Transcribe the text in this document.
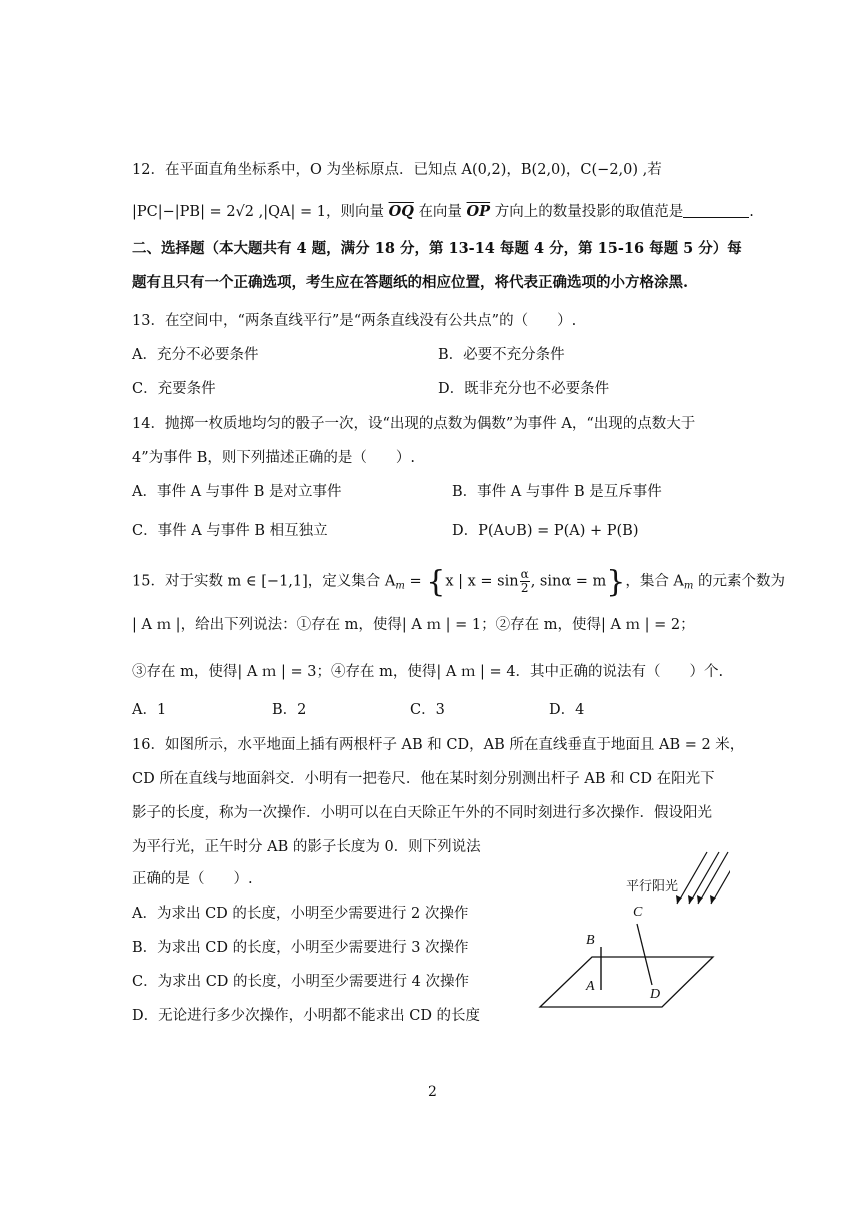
12．在平面直角坐标系中，O 为坐标原点．已知点 A(0,2)，B(2,0)，C(−2,0) ,若
|PC|−|PB| = 2√2 ,|QA| = 1，则向量 $\overline{OQ}$ 在向量 $\overline{OP}$ 方向上的数量投影的取值范是	.
二、选择题（本大题共有 4 题，满分 18 分，第 13-14 每题 4 分，第 15-16 每题 5 分）每
题有且只有一个正确选项，考生应在答题纸的相应位置，将代表正确选项的小方格涂黑.
13．在空间中，“两条直线平行”是“两条直线没有公共点”的（　　）.
A．充分不必要条件	B．必要不充分条件
C．充要条件	D．既非充分也不必要条件
14．抛掷一枚质地均匀的骰子一次，设“出现的点数为偶数”为事件 A，“出现的点数大于
4”为事件 B，则下列描述正确的是（　　）.
A．事件 A 与事件 B 是对立事件	B．事件 A 与事件 B 是互斥事件
C．事件 A 与事件 B 相互独立	D．P(A∪B) = P(A) + P(B)
15．对于实数 m ∈ [−1,1]，定义集合 $A_m = \{x$ | $x = \sin \frac{\alpha}{2}$ , sinα = m}，集合 $A_m$ 的元素个数为
| A ｍ |，给出下列说法：①存在 m，使得| A ｍ | = 1；②存在 m，使得| A ｍ | = 2；
③存在 m，使得| A ｍ | = 3；④存在 m，使得| A ｍ | = 4．其中正确的说法有（　　）个.
A．1	B．2	C．3	D．4
16．如图所示，水平地面上插有两根杆子 AB 和 CD，AB 所在直线垂直于地面且 AB = 2 米，
CD 所在直线与地面斜交．小明有一把卷尺．他在某时刻分别测出杆子 AB 和 CD 在阳光下
影子的长度，称为一次操作．小明可以在白天除正午外的不同时刻进行多次操作．假设阳光
为平行光，正午时分 AB 的影子长度为 0．则下列说法
正确的是（　　）.
A．为求出 CD 的长度，小明至少需要进行 2 次操作
B．为求出 CD 的长度，小明至少需要进行 3 次操作
C．为求出 CD 的长度，小明至少需要进行 4 次操作
D．无论进行多少次操作，小明都不能求出 CD 的长度
平行阳光
C
B
A
D
2
